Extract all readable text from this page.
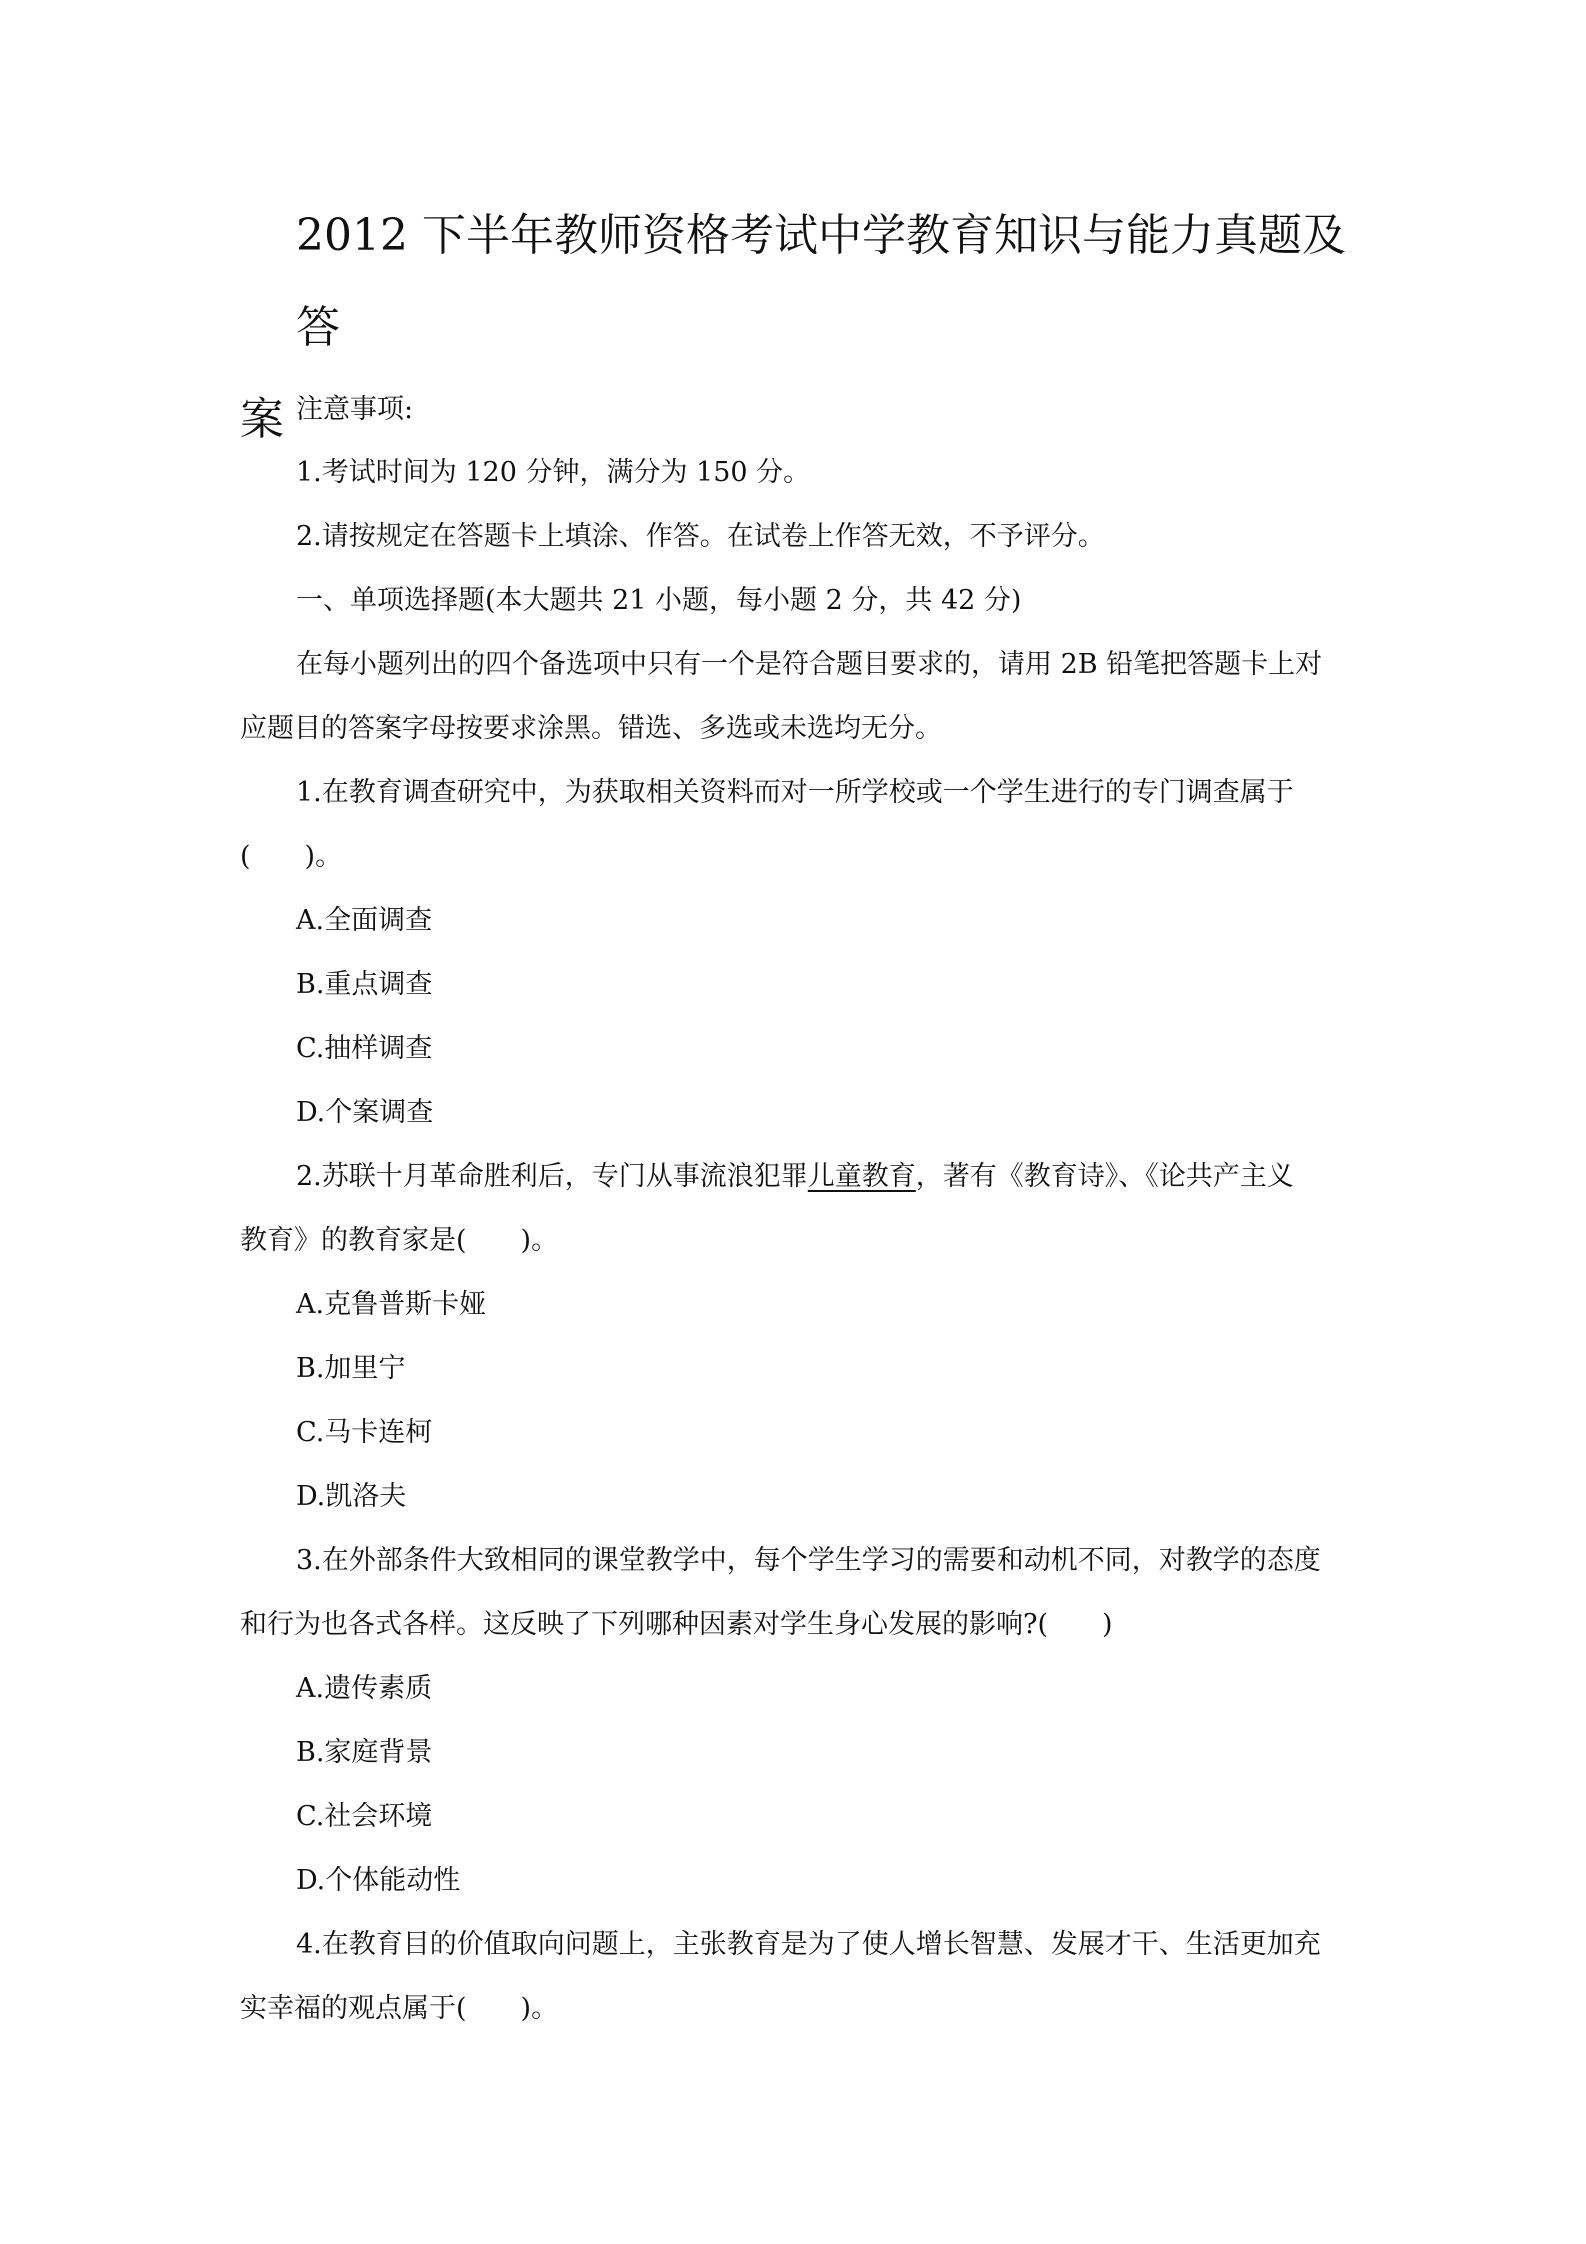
2012 下半年教师资格考试中学教育知识与能力真题及答
案 注意事项:
1.考试时间为 120 分钟，满分为 150 分。
2.请按规定在答题卡上填涂、作答。在试卷上作答无效，不予评分。
一、单项选择题(本大题共 21 小题，每小题 2 分，共 42 分)
在每小题列出的四个备选项中只有一个是符合题目要求的，请用 2B 铅笔把答题卡上对
应题目的答案字母按要求涂黑。错选、多选或未选均无分。
1.在教育调查研究中，为获取相关资料而对一所学校或一个学生进行的专门调查属于
(　　)。
A.全面调查
B.重点调查
C.抽样调查
D.个案调查
2.苏联十月革命胜利后，专门从事流浪犯罪儿童教育，著有《教育诗》、《论共产主义
教育》的教育家是(　　)。
A.克鲁普斯卡娅
B.加里宁
C.马卡连柯
D.凯洛夫
3.在外部条件大致相同的课堂教学中，每个学生学习的需要和动机不同，对教学的态度
和行为也各式各样。这反映了下列哪种因素对学生身心发展的影响?(　　)
A.遗传素质
B.家庭背景
C.社会环境
D.个体能动性
4.在教育目的价值取向问题上，主张教育是为了使人增长智慧、发展才干、生活更加充
实幸福的观点属于(　　)。
